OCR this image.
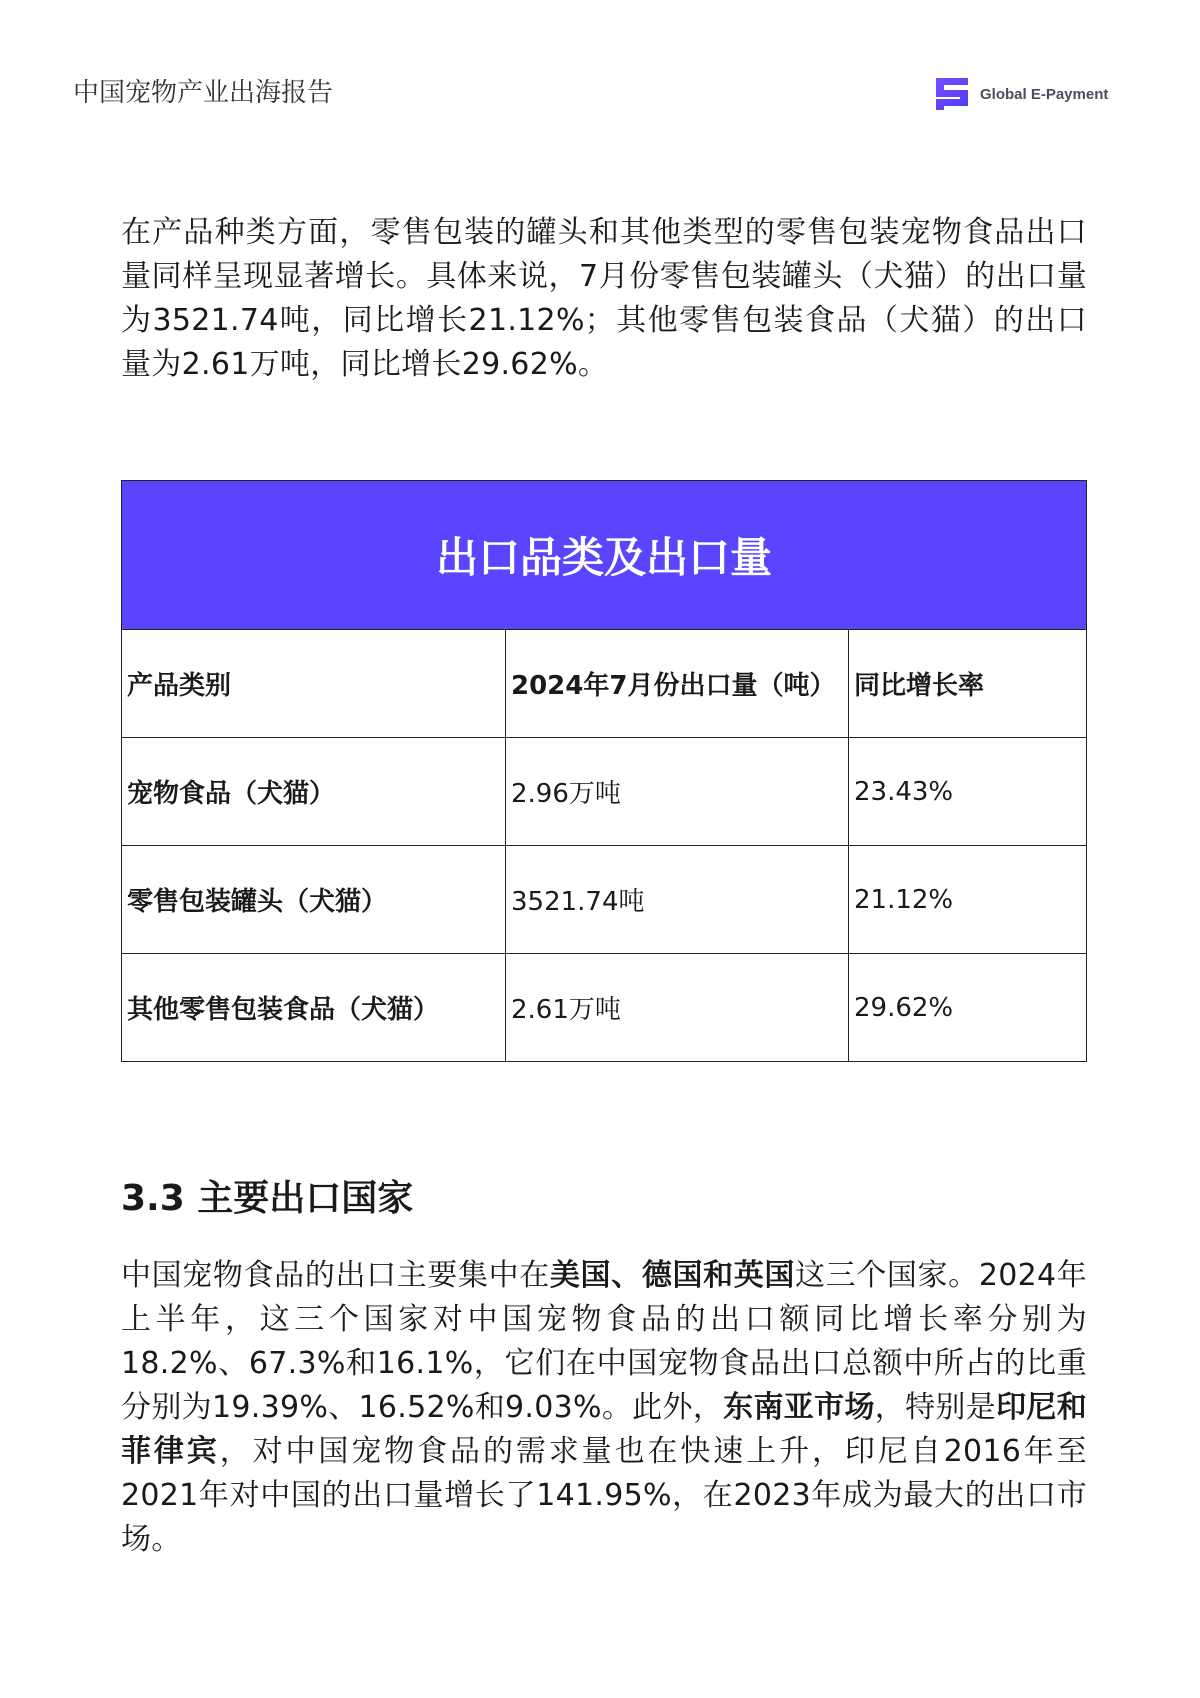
中国宠物产业出海报告	Global E-Payment
在产品种类方面，零售包装的罐头和其他类型的零售包装宠物食品出口量同样呈现显著增长。具体来说，7月份零售包装罐头（犬猫）的出口量为3521.74吨，同比增长21.12%；其他零售包装食品（犬猫）的出口量为2.61万吨，同比增长29.62%。
出口品类及出口量		
产品类别	2024年7月份出口量（吨）	同比增长率
宠物食品（犬猫）	2.96万吨	23.43%
零售包装罐头（犬猫）	3521.74吨	21.12%
其他零售包装食品（犬猫）	2.61万吨	29.62%
3.3 主要出口国家
中国宠物食品的出口主要集中在美国、德国和英国这三个国家。2024年上半年，这三个国家对中国宠物食品的出口额同比增长率分别为18.2%、67.3%和16.1%，它们在中国宠物食品出口总额中所占的比重分别为19.39%、16.52%和9.03%。此外，东南亚市场，特别是印尼和菲律宾，对中国宠物食品的需求量也在快速上升，印尼自2016年至2021年对中国的出口量增长了141.95%，在2023年成为最大的出口市场。
